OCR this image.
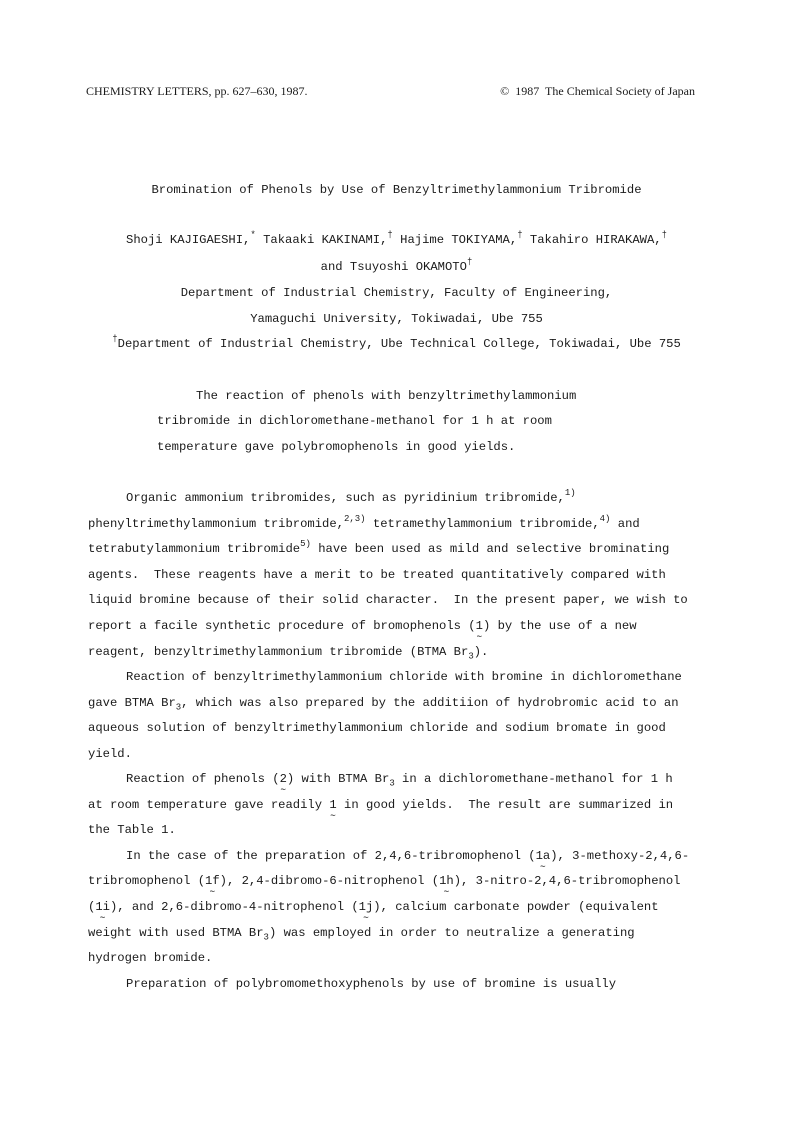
CHEMISTRY LETTERS, pp. 627–630, 1987.	©  1987  The Chemical Society of Japan
Bromination of Phenols by Use of Benzyltrimethylammonium Tribromide
Shoji KAJIGAESHI,* Takaaki KAKINAMI,† Hajime TOKIYAMA,† Takahiro HIRAKAWA,†
and Tsuyoshi OKAMOTO†
Department of Industrial Chemistry, Faculty of Engineering,
Yamaguchi University, Tokiwadai, Ube 755
†Department of Industrial Chemistry, Ube Technical College, Tokiwadai, Ube 755
The reaction of phenols with benzyltrimethylammonium
tribromide in dichloromethane-methanol for 1 h at room
temperature gave polybromophenols in good yields.
Organic ammonium tribromides, such as pyridinium tribromide,$^{1)}$
phenyltrimethylammonium tribromide,$^{2,3)}$ tetramethylammonium tribromide,$^{4)}$ and
tetrabutylammonium tribromide$^{5)}$ have been used as mild and selective brominating
agents.  These reagents have a merit to be treated quantitatively compared with
liquid bromine because of their solid character.  In the present paper, we wish to
report a facile synthetic procedure of bromophenols (1 ∼) by the use of a new
reagent, benzyltrimethylammonium tribromide (BTMA $Br_3$).
Reaction of benzyltrimethylammonium chloride with bromine in dichloromethane
gave BTMA $Br_3$, which was also prepared by the additiion of hydrobromic acid to an
aqueous solution of benzyltrimethylammonium chloride and sodium bromate in good
yield.
Reaction of phenols (2 ∼) with BTMA $Br_3$ in a dichloromethane-methanol for 1 h
at room temperature gave readily 1 ∼ in good yields.  The result are summarized in
the Table 1.
In the case of the preparation of 2,4,6-tribromophenol (1a ∼), 3-methoxy-2,4,6-
tribromophenol (1f ∼), 2,4-dibromo-6-nitrophenol (1h ∼), 3-nitro-2,4,6-tribromophenol
(1i ∼), and 2,6-dibromo-4-nitrophenol (1j ∼), calcium carbonate powder (equivalent
weight with used BTMA $Br_3$) was employed in order to neutralize a generating
hydrogen bromide.
Preparation of polybromomethoxyphenols by use of bromine is usually
